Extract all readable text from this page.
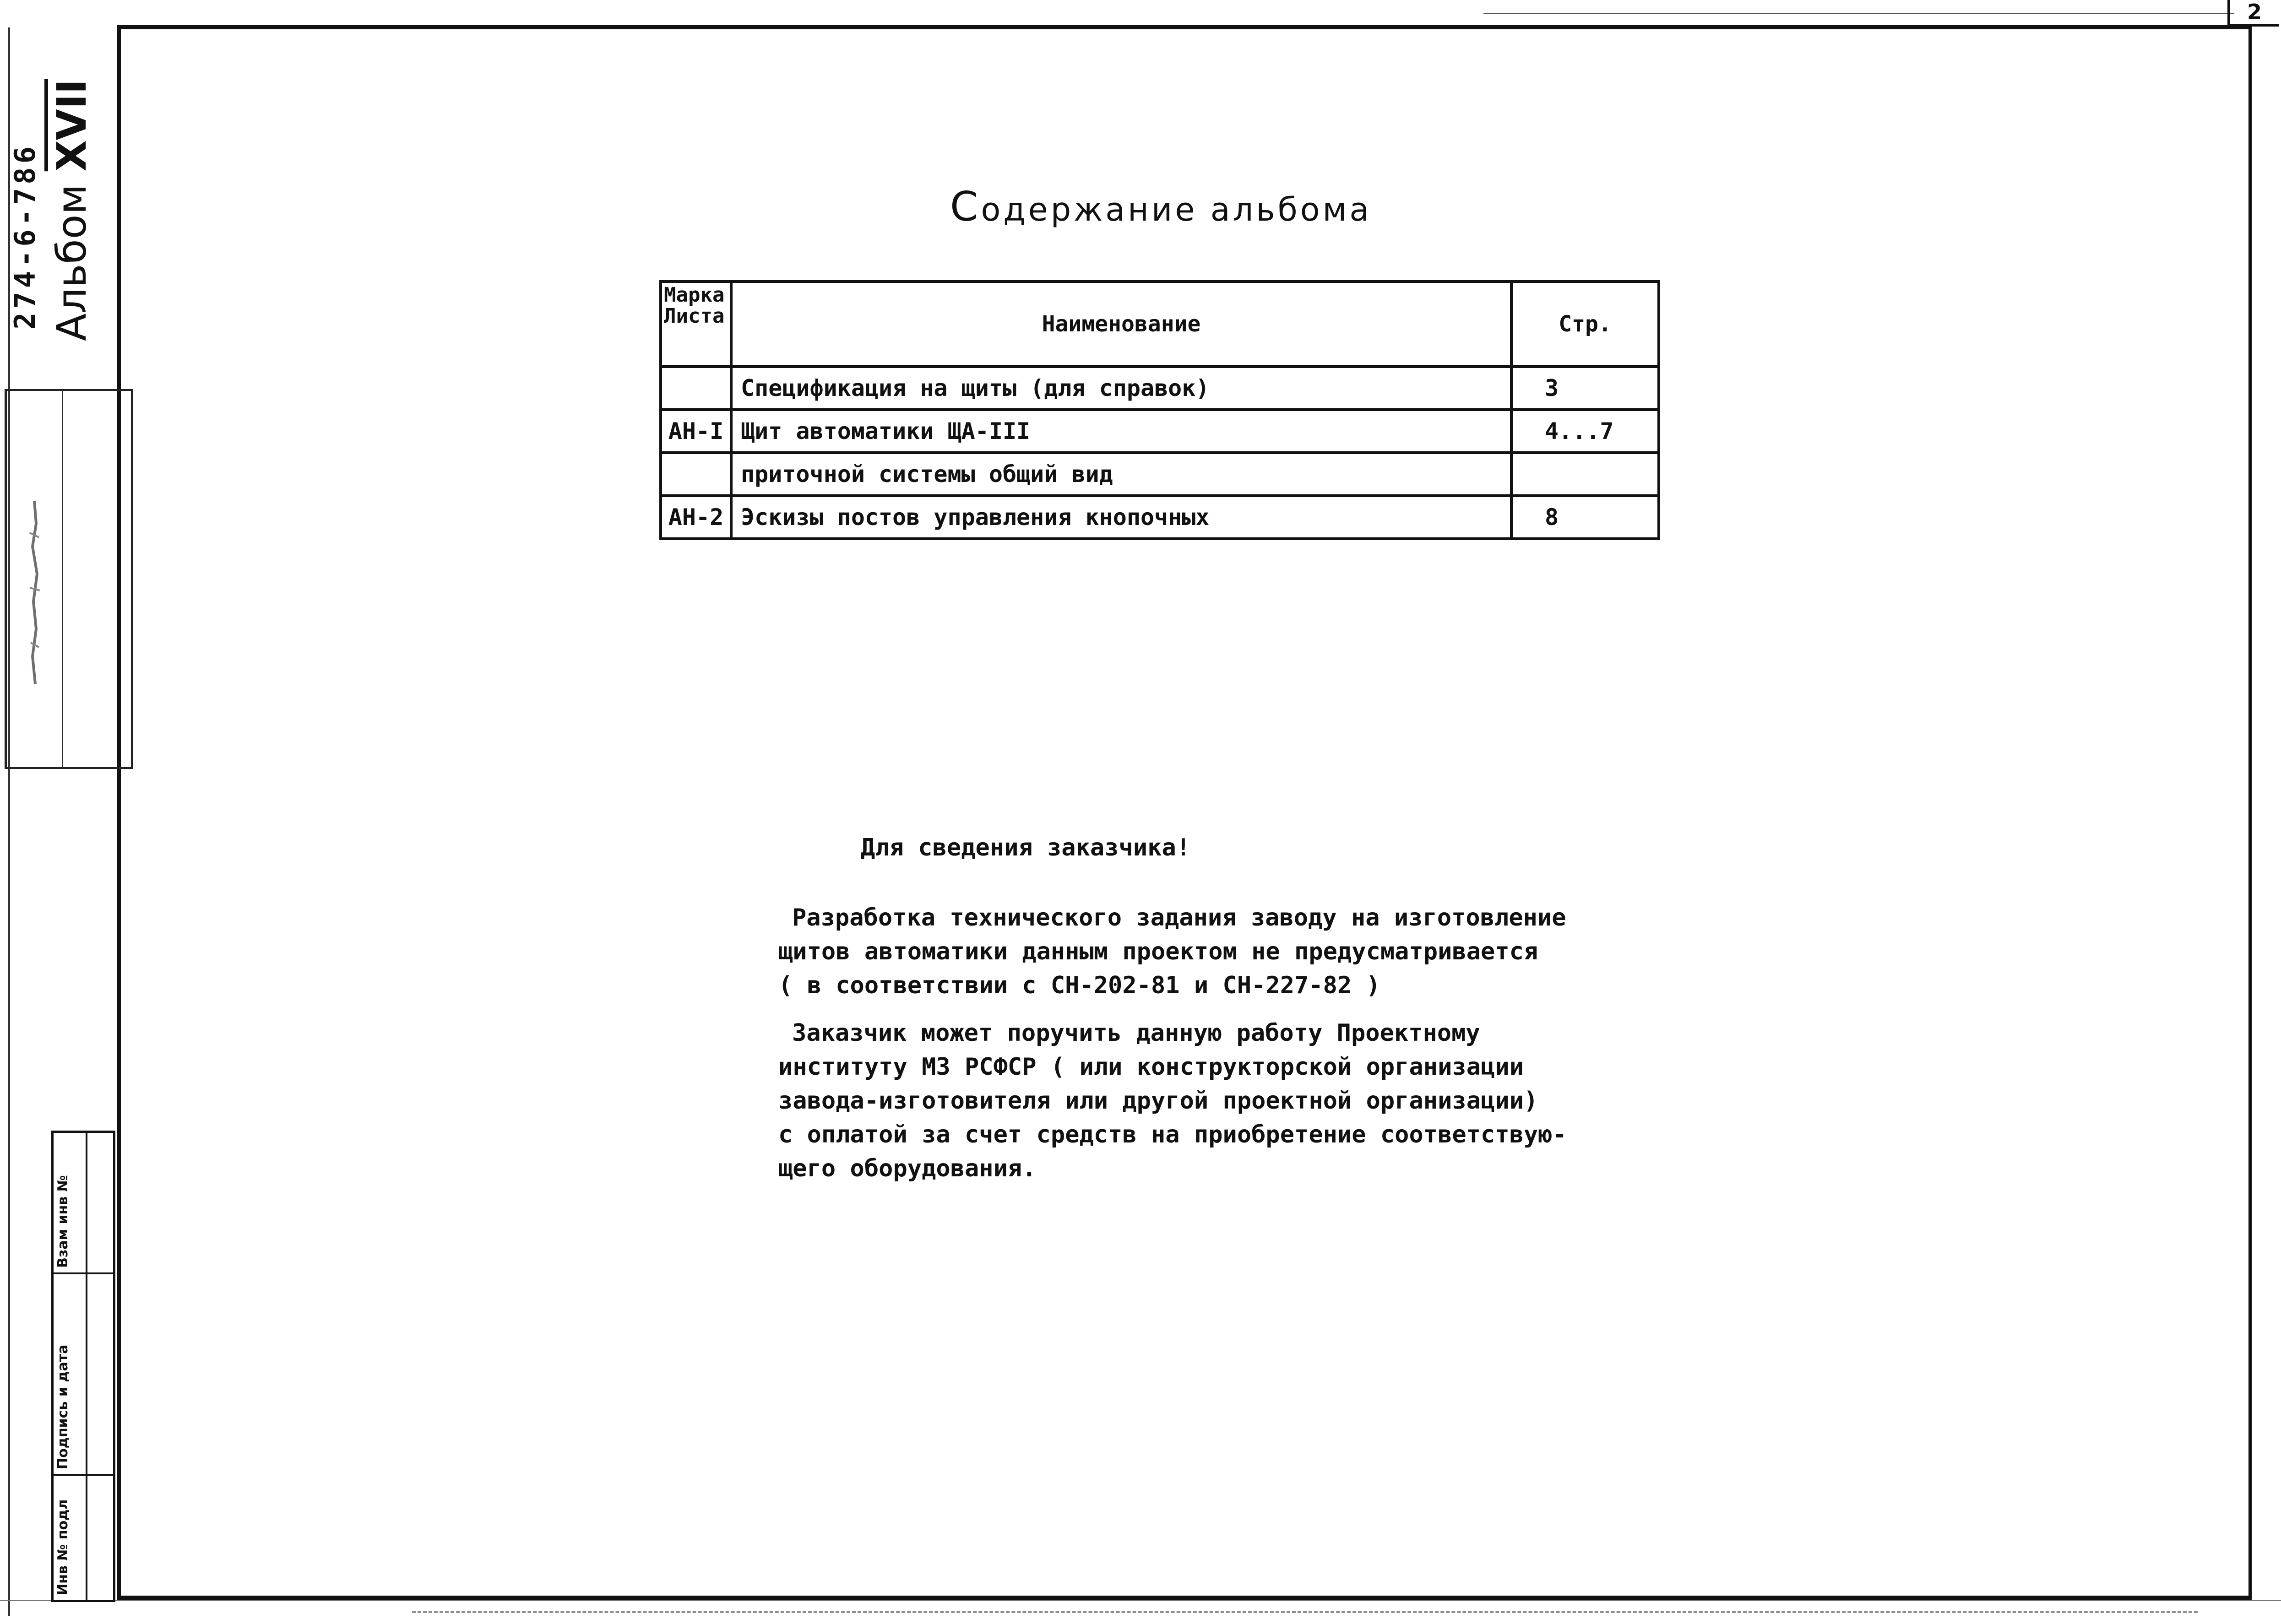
2
274-6-786 Альбом XVII
Инв № подл
Подпись и дата
Взам инв №
Содержание альбома
Марка Листа	Наименование	Стр.
	Спецификация на щиты (для справок)	3
АН-I	Щит автоматики ЩА-III	4...7
	приточной системы общий вид	
АН-2	Эскизы постов управления кнопочных	8
Для сведения заказчика!
Разработка технического задания заводу на изготовление
щитов автоматики данным проектом не предусматривается
( в соответствии с СН-202-81 и СН-227-82 )
Заказчик может поручить данную работу Проектному
институту МЗ РСФСР ( или конструкторской организации
завода-изготовителя или другой проектной организации)
с оплатой за счет средств на приобретение соответствую-
щего оборудования.
